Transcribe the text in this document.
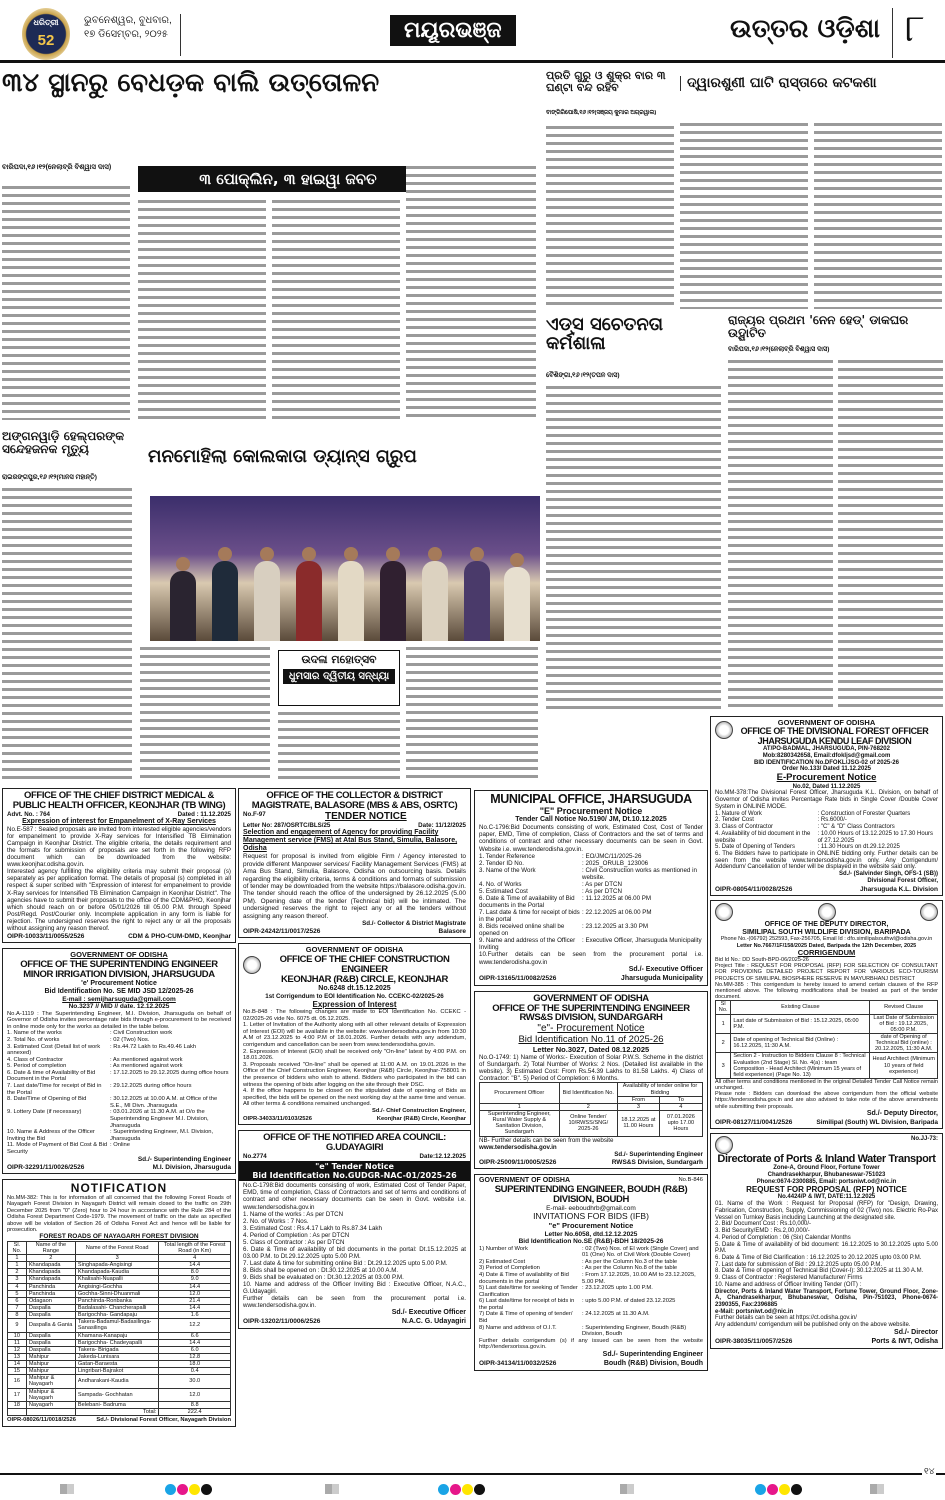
ଧରିତ୍ରୀ
52
ଭୁବନେଶ୍ୱର, ବୁଧବାର,
୧୭ ଡିସେମ୍ବର, ୨୦୨୫	ମୟୂରଭଞ୍ଜ	ଉତ୍ତର ଓଡ଼ିଶା ୮
୩୪ ସ୍ଥାନରୁ ବେଧଡ଼କ ବାଲି ଉତ୍ତୋଳନ
ବାରିପଦା,୧୬।୧୨(ନେଲାବ୍ରି ବିଶ୍ୱାସ ଦାସ)
୩ ପୋକ୍ଲିନ, ୩ ହାଇୱା ଜବତ
ଅଙ୍ଗନୱାଡ଼ି ହେଲ୍ପରଙ୍କ ସନ୍ଦେହଜନକ ମୃତ୍ୟୁ
ରାଇରଙ୍ଗପୁର,୧୬।୧୨(ମାନସ ମହାନ୍ତି)
ମନମୋହିଲା କୋଲକାତା ଡ୍ୟାନ୍ସ ଗ୍ରୁପ
ଉଦଳା ମହୋତ୍ସବ
ଧୁମସାର ଦ୍ୱିତୀୟ ସନ୍ଧ୍ୟା
ପ୍ରତି ଗୁରୁ ଓ ଶୁକ୍ର ବାର ୩ ଘଣ୍ଟା ବନ୍ଦ ରହିବ
ବାଙ୍ଗିରିପୋଷି,୧୬।୧୨(ସଞ୍ଜୟ କୁମାର ଅଗ୍ରୱାଲ)
ଦ୍ୱାରଶୁଣୀ ଘାଟି ରାସ୍ତାରେ କଟକଣା
ଏଡ୍ସ ସଚେତନତା କର୍ମଶାଳା
ବୈଶିଙ୍ଗା,୧୬।୧୨(ତପନ ଦାସ)
ରାଜ୍ୟର ପ୍ରଥମ 'ନେନ ହେଡ୍' ଡାକଘର ଉଦ୍ଘାଟିତ
ବାରିପଦା,୧୬।୧୨(ନେଲାବ୍ରି ବିଶ୍ୱାସ ଦାସ)
OFFICE OF THE CHIEF DISTRICT MEDICAL &
PUBLIC HEALTH OFFICER, KEONJHAR (TB WING)
Advt. No. : 764	Dated : 11.12.2025
Expression of interest for Empanelment of X-Ray Services

No.E-587 : Sealed proposals are invited from interested eligible agencies/vendors for empanelment to provide X-Ray services for Intensified TB Elimination Campaign in Keonjhar District. The eligible criteria, the details requirement and the formats for submission of proposals are set forth in the following RFP document which can be downloaded from the website: www.keonjhar.odisha.gov.in.

Interested agency fulfilling the eligibility criteria may submit their proposal (s) separately as per application format. The details of proposal (s) completed in all respect & super scribed with "Expression of interest for empanelment to provide X-Ray services for Intensified TB Elimination Campaign in Keonjhar District". The agencies have to submit their proposals to the office of the CDM&PHO, Keonjhar which should reach on or before 05/01/2026 till 05.00 P.M. through Speed Post/Regd. Post/Courier only. Incomplete application in any form is liable for rejection. The undersigned reserves the right to reject any or all the proposals without assigning any reason thereof.

OIPR-10033/11/0055/2526	CDM & PHO-CUM-DMD, Keonjhar
GOVERNMENT OF ODISHA
OFFICE OF THE SUPERINTENDING ENGINEER
MINOR IRRIGATION DIVISION, JHARSUGUDA
'e' Procurement Notice
Bid Identification No. SE MID JSD 12/2025-26
E-mail : semijharsuguda@gmail.com
No.3237 // MID // date. 12.12.2025

No.A-1119 : The Superintending Engineer, M.I. Division, Jharsuguda on behalf of Governor of Odisha invites percentage rate bids through e-procurement to be received in online mode only for the works as detailed in the table below.

1. Name of the works	: Civil Construction work
2. Total No. of works	: 02 (Two) Nos.
3. Estimated Cost (Detail list of work annexed)
: Rs.44.72 Lakh to Rs.49.46 Lakh
4. Class of Contractor	: As mentioned against work
5. Period of completion	: As mentioned against work
6. Date & time of Availability of Bid Document in the Portal
: 17.12.2025 to 29.12.2025 during office hours
7. Last date/Time for receipt of Bid in the Portal
: 29.12.2025 during office hours
8. Date/Time of Opening of Bid	: 30.12.2025 at 10.00 A.M. at Office of the S.E., MI Divn. Jharsuguda
9. Lottery Date (if necessary)	: 03.01.2026 at 11.30 A.M. at O/o the Superintending Engineer M.I. Division, Jharsuguda
10. Name & Address of the Officer Inviting the Bid
: Superintending Engineer, M.I. Division, Jharsuguda
11. Mode of Payment of Bid Cost & Bid Security
: Online
Sd./- Superintending Engineer
OIPR-32291/11/0026/2526	M.I. Division, Jharsuguda
NOTIFICATION

No.MM-382: This is for information of all concerned that the following Forest Roads of Nayagarh Forest Division in Nayagarh District will remain closed to the traffic on 29th December 2025 from "0" (Zero) hour to 24 hour in accordance with the Rule 284 of the Odisha Forest Department Code-1979. The movement of traffic on the date as specified above will be violation of Section 26 of Odisha Forest Act and hence will be liable for prosecution.

FOREST ROADS OF NAYAGARH FOREST DIVISION
Sl. No.	Name of the Range	Name of the Forest Road	Total length of the Forest Road (in Km)
1	2	3	4
1	Khandapada	Singhapada-Angisingi	14.4
2	Khandapada	Khandapada-Kaudia	8.0
3	Khandapada	Khalisahi-Nuapalli	9.0
4	Panchinda	Angisingi-Gochha	14.4
5	Panchinda	Gochha-Sinni-Dhuanmali	12.0
6	Odagaon	Panchinda-Ronbanka	21.4
7	Daspalla	Badalasahi- Chancherapalli	14.4
8	Daspalla	Barigochha- Gandapaju	1.6
9	Daspalla & Gania	Takera-Badamul-Badasilinga-Sanasilinga	12.2
10	Daspalla	Khamana-Kanapaju	6.6
11	Daspalla	Barigochha- Chadeyapalli	14.4
12	Daspalla	Takera- Birigada	6.0
13	Mahipur	Jakeda-Lunisara	12.8
14	Mahipur	Gatan-Baraesta	18.0
15	Mahipur	Lingribari-Bajrakot	0.4
16	Mahipur & Nayagarh	Andharakani-Kaudia	30.0
17	Mahipur & Nayagarh	Sampada- Gochhatan	12.0
18	Nayagarh	Belebani- Badruma	8.8
		Total:	222.4
OIPR-08026/11/0018/2526	Sd./- Divisional Forest Officer, Nayagarh Division
OFFICE OF THE COLLECTOR & DISTRICT
MAGISTRATE, BALASORE (MBS & ABS, OSRTC)
No.F-97	TENDER NOTICE
Letter No: 287/OSRTC/BLS/25	Date: 11/12/2025
Selection and engagement of Agency for providing Facility Management service (FMS) at Atal Bus Stand, Simulia, Balasore, Odisha

Request for proposal is invited from eligible Firm / Agency interested to provide different Manpower services/ Facility Management Services (FMS) at Ama Bus Stand, Simulia, Balasore, Odisha on outsourcing basis. Details regarding the eligibility criteria, terms & conditions and formats of submission of tender may be downloaded from the website https://balasore.odisha.gov.in. The tender should reach the office of the undersigned by 26.12.2025 (5.00 PM). Opening date of the tender (Technical bid) will be intimated. The undersigned reserves the right to reject any or all the tenders without assigning any reason thereof.

Sd./- Collector & District Magistrate
OIPR-24242/11/0017/2526	Balasore
GOVERNMENT OF ODISHA
OFFICE OF THE CHIEF CONSTRUCTION ENGINEER
KEONJHAR (R&B) CIRCLE, KEONJHAR
No.6248 dt.15.12.2025
1st Corrigendum to EOI Identification No. CCEKC-02/2025-26
Expression of Interest

No.B-848 : The following changes are made to EOI Identification No. CCEKC - 02/2025-26 vide No. 6075 dt. 05.12.2025.

1. Letter of Invitation of the Authority along with all other relevant details of Expression of Interest (EOI) will be available in the website: www.tendersodisha.gov.in from 10:30 A.M of 23.12.2025 to 4:00 P.M of 18.01.2026. Further details with any addendum, corrigendum and cancellation can be seen from www.tendersodisha.gov.in.

2. Expression of Interest (EOI) shall be received only "On-line" latest by 4:00 P.M. on 18.01.2026.

3. Proposals received "On-line" shall be opened at 11:00 A.M. on 19.01.2026 in the Office of the Chief Construction Engineer, Keonjhar (R&B) Circle, Keonjhar-758001 in the presence of bidders who wish to attend. Bidders who participated in the bid can witness the opening of bids after logging on the site through their DSC.

4. If the office happens to be closed on the stipulated date of opening of Bids as specified, the bids will be opened on the next working day at the same time and venue.

All other terms & conditions remained unchanged.

Sd./- Chief Construction Engineer,
OIPR-34033/11/0103/2526	Keonjhar (R&B) Circle, Keonjhar
OFFICE OF THE NOTIFIED AREA COUNCIL: G.UDAYAGIRI
No.2774	Date:12.12.2025
"e" Tender Notice
Bid Identification No.GUDGR-NAC-01/2025-26

No.C-1798:Bid documents consisting of work, Estimated Cost of Tender Paper, EMD, time of completion, Class of Contractors and set of terms and conditions of contract and other necessary documents can be seen in Govt. website i.e. www.tendersodisha.gov.in

1. Name of the works : As per DTCN

2. No. of Works : 7 Nos.

3. Estimated Cost : Rs.4.17 Lakh to Rs.87.34 Lakh

4. Period of Completion : As per DTCN

5. Class of Contractor : As per DTCN

6. Date & Time of availability of bid documents in the portal: Dt.15.12.2025 at 03.00 P.M. to Dt.29.12.2025 upto 5.00 P.M.

7. Last date & time for submitting online Bid : Dt.29.12.2025 upto 5.00 P.M.

8. Bids shall be opened on : Dt.30.12.2025 at 10.00 A.M.

9. Bids shall be evaluated on : Dt.30.12.2025 at 03.00 P.M.

10. Name and address of the Officer Inviting Bid : Executive Officer, N.A.C., G.Udayagiri.

Further details can be seen from the procurement portal i.e. www.tendersodisha.gov.in.

Sd./- Executive Officer
OIPR-13202/11/0006/2526	N.A.C. G. Udayagiri
MUNICIPAL OFFICE, JHARSUGUDA
"E" Procurement Notice
Tender Call Notice No.5190/ JM, Dt.10.12.2025

No.C-1796:Bid Documents consisting of work, Estimated Cost, Cost of Tender paper, EMD, Time of completion, Class of Contractors and the set of terms and conditions of contract and other necessary documents can be seen in Govt. Website i.e. www.tenderodisha.gov.in.

1. Tender Reference	: EO/JMC/11/2025-26
2. Tender ID No.	: 2025_ORULB_123006
3. Name of the Work	: Civil Construction works as mentioned in website.
4. No. of Works	: As per DTCN
5. Estimated Cost	: As per DTCN
6. Date & Time of availability of Bid documents in the Portal
: 11.12.2025 at 06.00 PM
7. Last date & time for receipt of bids in the portal
: 22.12.2025 at 06.00 PM
8. Bids received online shall be opened on
: 23.12.2025 at 3.30 PM
9. Name and address of the Officer Inviting
: Executive Officer, Jharsuguda Municipality

10.Further details can be seen from the procurement portal i.e. www.tenderodisha.gov.in

Sd./- Executive Officer
OIPR-13165/11/0082/2526	Jharsuguda Municipality
GOVERNMENT OF ODISHA
OFFICE OF THE SUPERINTENDING ENGINEER
RWS&S DIVISION, SUNDARGARH
"e"- Procurement Notice
Bid Identification No.11 of 2025-26
Letter No.3027, Dated 08.12.2025

No.O-1749: 1) Name of Works:- Execution of Solar P.W.S. Scheme in the district of Sundargarh. 2) Total Number of Works: 2 Nos. (Detailed list available in the website). 3) Estimated Cost: From Rs.54.39 Lakhs to 81.58 Lakhs. 4) Class of Contractor: "B". 5) Period of Completion: 6 Months.

Procurement Officer	Bid Identification No.	Availability of tender online for Bidding	
		From	To
1	2	3	4
Superintending Engineer, Rural Water Supply & Sanitation Division, Sundargarh	Online Tender/ 10/RWSS/SNG/ 2025-26	18.12.2025 at 11.00 Hours	07.01.2026 upto 17.00 Hours
NB- Further details can be seen from the website
www.tendersodisha.gov.in
Sd./- Superintending Engineer
OIPR-25009/11/0005/2526	RWS&S Division, Sundargarh
GOVERNMENT OF ODISHA	No.B-846
SUPERINTENDING ENGINEER, BOUDH (R&B) DIVISION, BOUDH
E-mail- eeboudhrb@gmail.com
INVITATIONS FOR BIDS (IFB)
"e" Procurement Notice
Letter No.6058, dtd.12.12.2025
Bid Identification No.SE (R&B)-BDH 18/2025-26
1) Number of Work	: 02 (Two) Nos. of EI work (Single Cover) and 01 (One) No. of Civil Work (Double Cover)
2) Estimated Cost	: As per the Column No.3 of the table
3) Period of Completion	: As per the Column No.8 of the table
4) Date & Time of availability of Bid documents in the portal
: From 17.12.2025, 10.00 AM to 23.12.2025, 5.00 PM.
5) Last date/time for seeking of Tender Clarification
: 23.12.2025 upto 1.00 P.M.
6) Last date/time for receipt of bids in the portal
: upto 5.00 P.M. of dated 23.12.2025
7) Date & Time of opening of tender/ Bid
: 24.12.2025 at 11.30 A.M.
8) Name and address of O.I.T.	: Superintending Engineer, Boudh (R&B) Division, Boudh

Further details corrigendum (s) if any issued can be seen from the website http://tendersorissa.gov.in.

Sd./- Superintending Engineer
OIPR-34134/11/0032/2526	Boudh (R&B) Division, Boudh
GOVERNMENT OF ODISHA
OFFICE OF THE DIVISIONAL FOREST OFFICER
JHARSUGUDA KENDU LEAF DIVISION
AT/PO-BADMAL, JHARSUGUDA, PIN-768202
Mob:8280342658, Email:dfokljsd@gmail.com
BID IDENTIFICATION No.DFOKL/JSG-02 of 2025-26
Order No.133/ Dated 11.12.2025
E-Procurement Notice
No.02, Dated 11.12.2025

No.MM-378:The Divisional Forest Officer, Jharsuguda K.L. Division, on behalf of Governor of Odisha invites Percentage Rate bids in Single Cover /Double Cover System in ONLINE MODE.

1. Nature of Work	: Construction of Forester Quarters
2. Tender Cost	: Rs.6000/-
3. Class of Contractor	: "C" & "D" Class Contractors
4. Availability of bid document in the website
: 10.00 Hours of 13.12.2025 to 17.30 Hours of 27.12.2025
5. Date of Opening of Tenders	: 11.30 Hours on dt.29.12.2025

6. The Bidders have to participate in ONLINE bidding only. Further details can be seen from the website www.tendersodisha.gov.in only. Any Corrigendum/ Addendum/ Cancellation of tender will be displayed in the website said only.

Sd./- (Salvinder Singh, OFS-1 (SB))
Divisional Forest Officer,
OIPR-08054/11/0028/2526	Jharsuguda K.L. Division
OFFICE OF THE DEPUTY DIRECTOR,
SIMILIPAL SOUTH WILDLIFE DIVISION, BARIPADA
Phone No.-(06792) 252593, Fax-256705, Email Id : dfo.similipalsouthwl@odisha.gov.in
Letter No.7667/1F/158/2025 Dated, Baripada the 12th December, 2025
CORRIGENDUM
Bid Id No.: DD South-BPD-06/2025-26

Project Title : REQUEST FOR PROPOSAL (RFP) FOR SELECTION OF CONSULTANT FOR PROVIDING DETAILED PROJECT REPORT FOR VARIOUS ECO-TOURISM PROJECTS OF SIMILIPAL BIOSPHERE RESERVE IN MAYURBHANJ DISTRICT

No.MM-385 : This corrigendum is hereby issued to amend certain clauses of the RFP mentioned above. The following modifications shall be treated as part of the tender document.

Sl No.	Existing Clause	Revised Clause
1	Last date of Submission of Bid : 15.12.2025, 05:00 P.M.	Last Date of Submission of Bid : 19.12.2025, 05:00 P.M.
2	Date of opening of Technical Bid (Online) : 16.12.2025, 11:30 A.M.	date of Opening of Technical Bid (online) : 20.12.2025, 11:30 A.M.
3	Section 2 - Instruction to Bidders Clause 8 : Technical Evaluation (2nd Stage) Sl. No. 4(a) : team Composition - Head Architect (Minimum 15 years of field experience) (Page No. 13)	Head Architect (Minimum 10 years of field experience)

All other terms and conditions mentioned in the original Detailed Tender Call Notice remain unchanged.

Please note : Bidders can download the above corrigendum from the official website https://tendersodisha.gov.in and are also advised to take note of the above amendments while submitting their proposals.

Sd./- Deputy Director,
OIPR-08127/11/0041/2526	Similipal (South) WL Division, Baripada
No.JJ-73:
Directorate of Ports & Inland Water Transport
Zone-A, Ground Floor, Fortune Tower
Chandrasekharpur, Bhubaneswar-751023
Phone:0674-2300885, Email: portsniwt.od@nic.in
REQUEST FOR PROPOSAL (RFP) NOTICE
No.4424/P & IWT, DATE:11.12.2025

01. Name of the Work : Request for Proposal (RFP) for "Design, Drawing, Fabrication, Construction, Supply, Commissioning of 02 (Two) nos. Electric Ro-Pax Vessel on Turnkey Basis including Launching at the designated site.

2. Bid/ Document Cost : Rs.10,000/-

3. Bid Security/EMD : Rs.2,00,000/-

4. Period of Completion : 06 (Six) Calendar Months

5. Date & Time of availability of bid document: 16.12.2025 to 30.12.2025 upto 5.00 P.M.

6. Date & Time of Bid Clarification : 16.12.2025 to 20.12.2025 upto 03.00 P.M.

7. Last date for submission of Bid : 29.12.2025 upto 05.00 P.M.

8. Date & Time of opening of Technical Bid (Cover-I): 30.12.2025 at 11.30 A.M.

9. Class of Contractor : Registered Manufacturer/ Firms

10. Name and address of Officer Inviting Tender (OIT) :

Director, Ports & Inland Water Transport, Fortune Tower, Ground Floor, Zone-A, Chandrasekharpur, Bhubaneswar, Odisha, Pin-751023, Phone-0674-2390355, Fax:2396885

e-Mail: portsniwt.od@nic.in
Further details can be seen at https://ct.odisha.gov.in/
Any addendum/ corrigendum will be published only on the above website.
Sd./- Director
OIPR-38035/11/0057/2526	Ports & IWT, Odisha
୧୪
